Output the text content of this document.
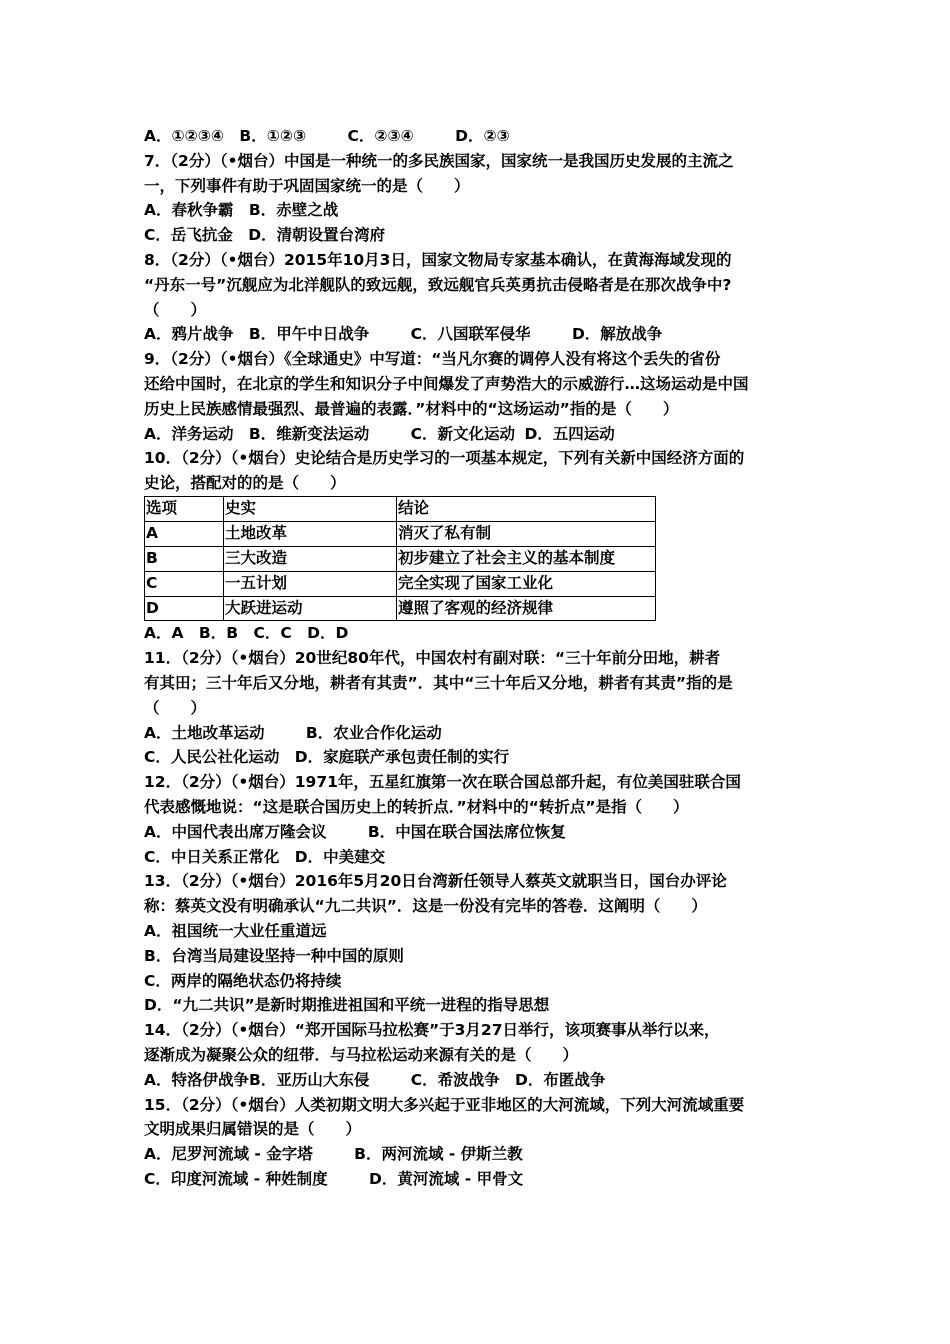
A．①②③④ B．①②③	C．②③④	D．②③
7．（2分）（•烟台）中国是一种统一的多民族国家，国家统一是我国历史发展的主流之
一，下列事件有助于巩固国家统一的是（　　）
A．春秋争霸 B．赤壁之战
C．岳飞抗金 D．清朝设置台湾府
8．（2分）（•烟台）2015年10月3日，国家文物局专家基本确认，在黄海海域发现的
“丹东一号”沉舰应为北洋舰队的致远舰，致远舰官兵英勇抗击侵略者是在那次战争中?
（　　）
A．鸦片战争 B．甲午中日战争	C．八国联军侵华	D．解放战争
9．（2分）（•烟台）《全球通史》中写道：“当凡尔赛的调停人没有将这个丢失的省份
还给中国时，在北京的学生和知识分子中间爆发了声势浩大的示威游行…这场运动是中国
历史上民族感情最强烈、最普遍的表露．”材料中的“这场运动”指的是（　　）
A．洋务运动 B．维新变法运动	C．新文化运动 D．五四运动
10．（2分）（•烟台）史论结合是历史学习的一项基本规定，下列有关新中国经济方面的
史论，搭配对的的是（　　）
选项	史实	结论
A	土地改革	消灭了私有制
B	三大改造	初步建立了社会主义的基本制度
C	一五计划	完全实现了国家工业化
D	大跃进运动	遵照了客观的经济规律
A．A B．B C．C D．D
11．（2分）（•烟台）20世纪80年代，中国农村有副对联：“三十年前分田地，耕者
有其田；三十年后又分地，耕者有其责”．其中“三十年后又分地，耕者有其责”指的是
（　　）
A．土地改革运动	B．农业合作化运动
C．人民公社化运动 D．家庭联产承包责任制的实行
12．（2分）（•烟台）1971年，五星红旗第一次在联合国总部升起，有位美国驻联合国
代表感慨地说：“这是联合国历史上的转折点．”材料中的“转折点”是指（　　）
A．中国代表出席万隆会议	B．中国在联合国法席位恢复
C．中日关系正常化 D．中美建交
13．（2分）（•烟台）2016年5月20日台湾新任领导人蔡英文就职当日，国台办评论
称：蔡英文没有明确承认“九二共识”．这是一份没有完毕的答卷．这阐明（　　）
A．祖国统一大业任重道远
B．台湾当局建设坚持一种中国的原则
C．两岸的隔绝状态仍将持续
D．“九二共识”是新时期推进祖国和平统一进程的指导思想
14．（2分）（•烟台）“郑开国际马拉松赛”于3月27日举行，该项赛事从举行以来，
逐渐成为凝聚公众的纽带．与马拉松运动来源有关的是（　　）
A．特洛伊战争B．亚历山大东侵	C．希波战争 D．布匿战争
15．（2分）（•烟台）人类初期文明大多兴起于亚非地区的大河流域，下列大河流域重要
文明成果归属错误的是（　　）
A．尼罗河流域 - 金字塔	B．两河流域 - 伊斯兰教
C．印度河流域 - 种姓制度	D．黄河流域 - 甲骨文
